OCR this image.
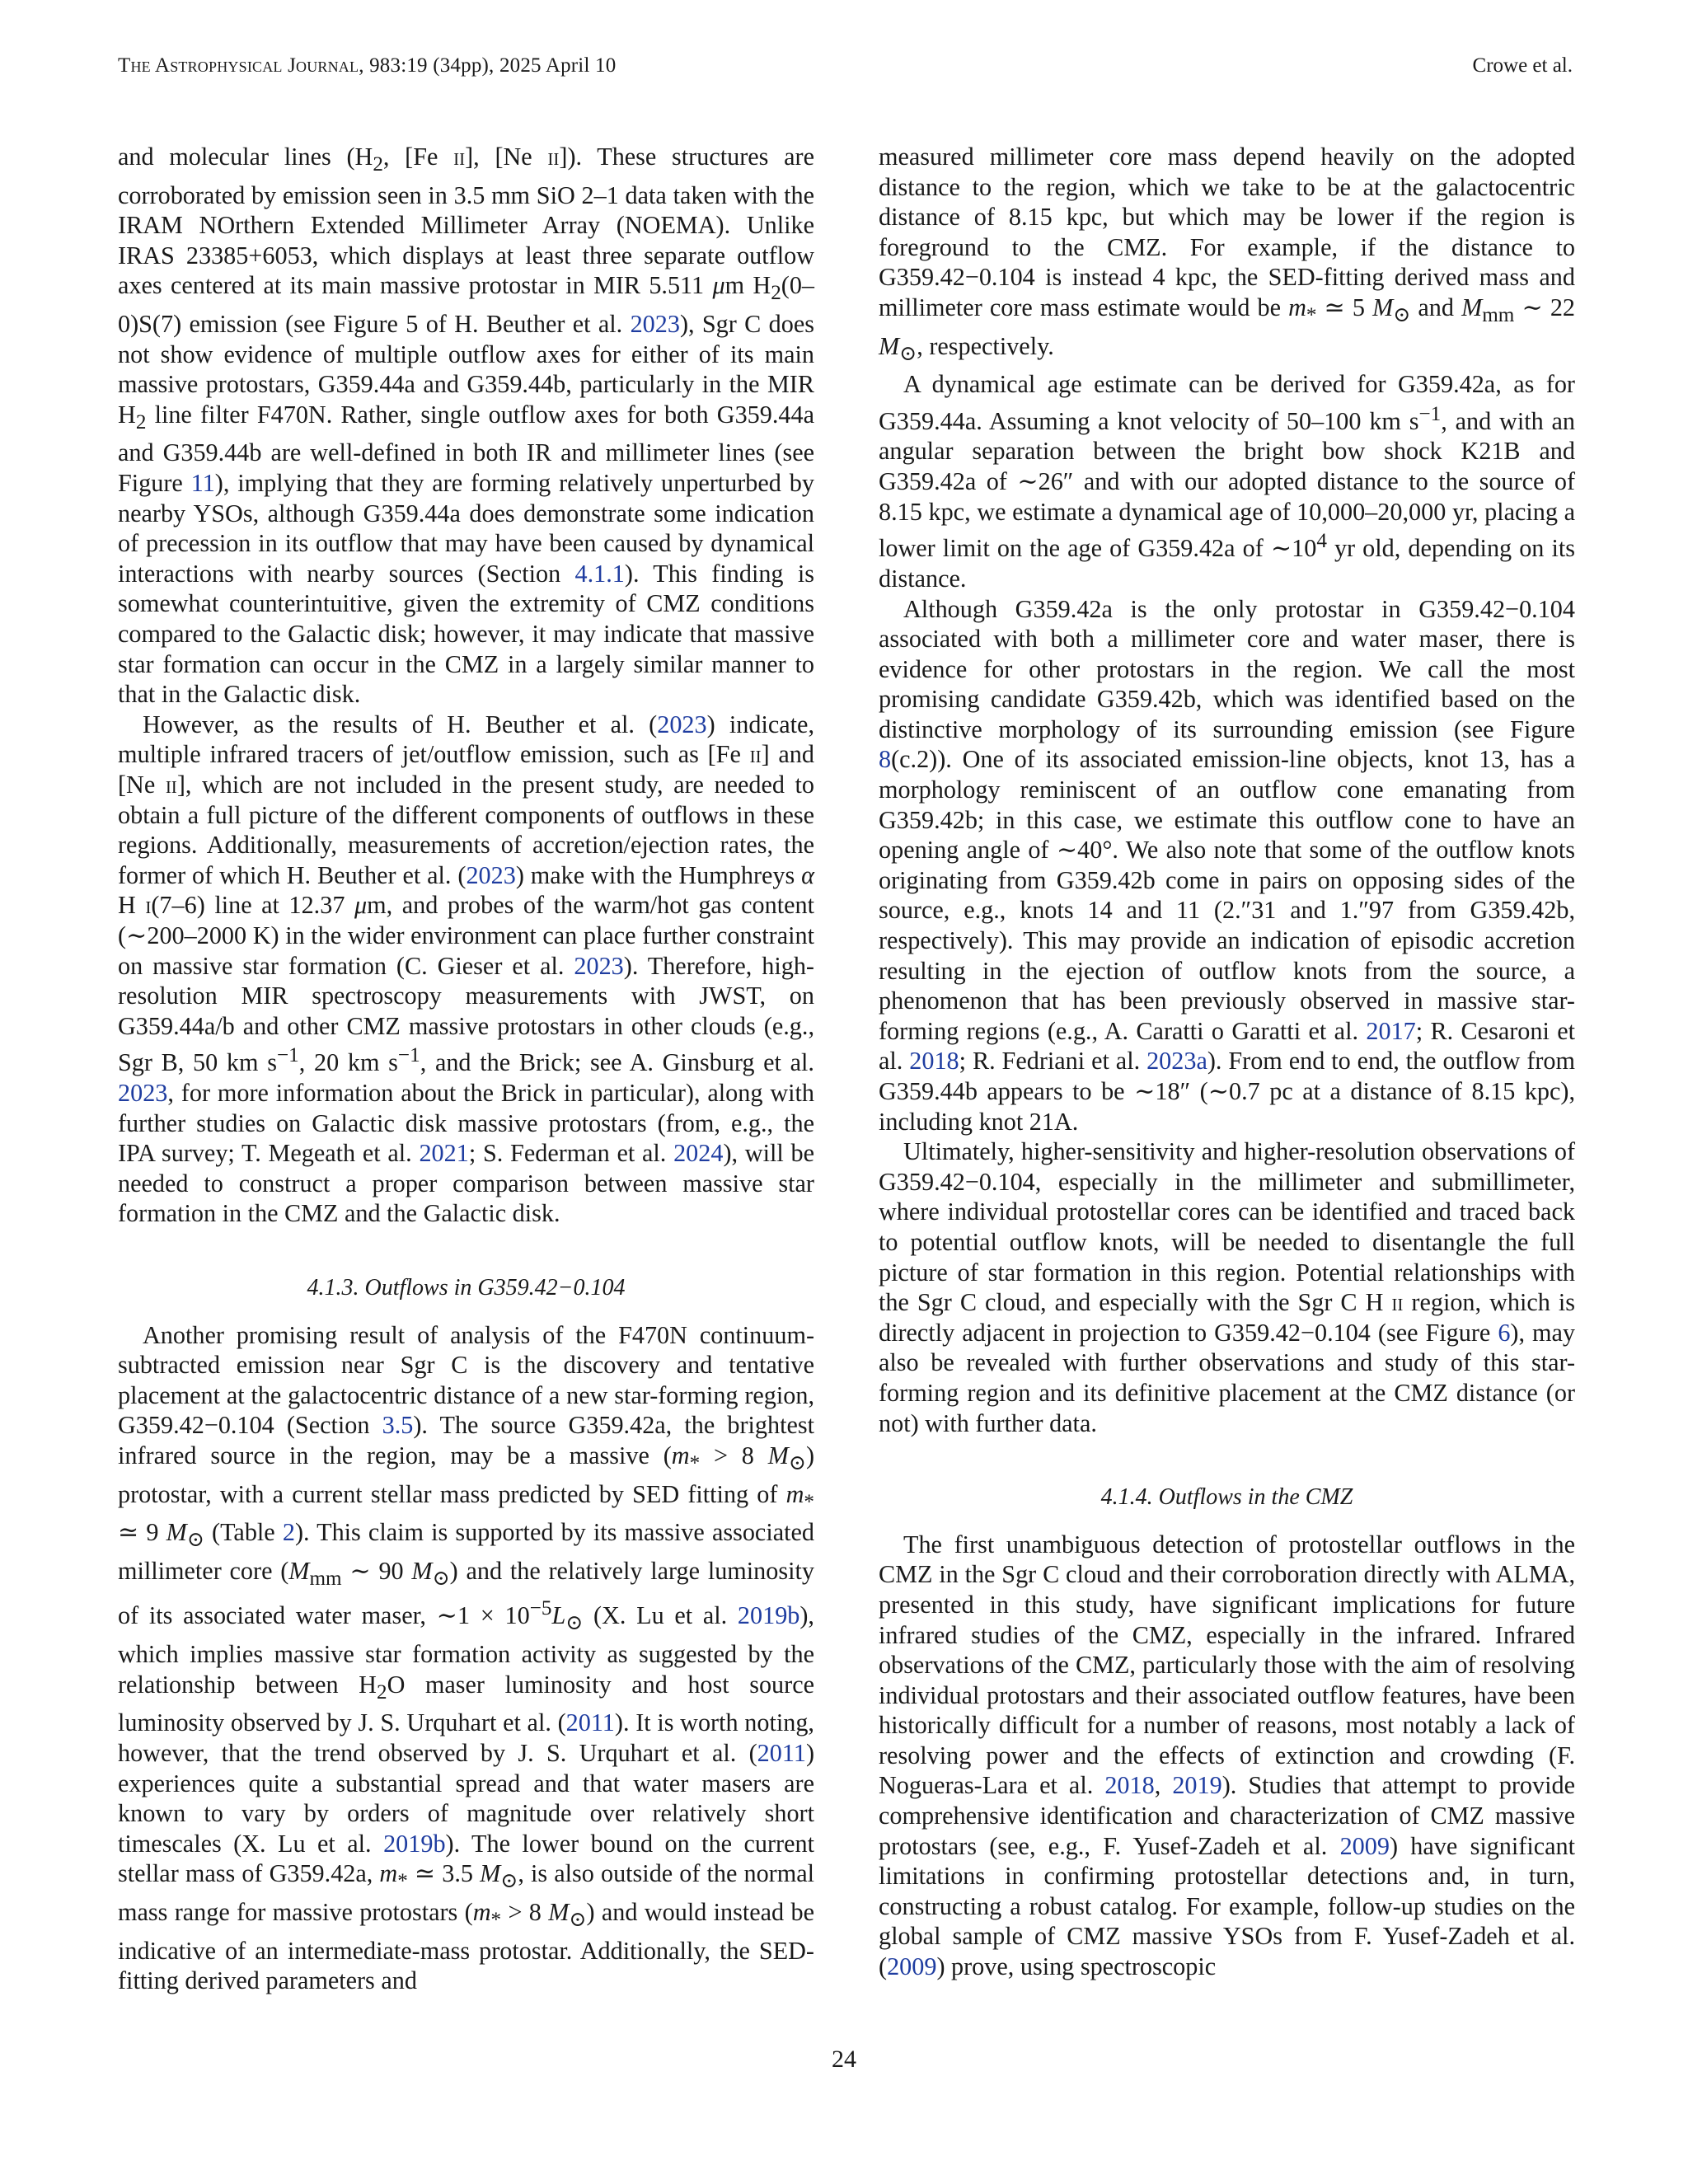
The Astrophysical Journal, 983:19 (34pp), 2025 April 10	Crowe et al.

and molecular lines ($H_2$, [Fe ii], [Ne ii]). These structures are corroborated by emission seen in 3.5 mm SiO 2–1 data taken with the IRAM NOrthern Extended Millimeter Array (NOEMA). Unlike IRAS 23385+6053, which displays at least three separate outflow axes centered at its main massive protostar in MIR 5.511 μm $H_2(0-0)S(7)$ emission (see Figure 5 of H. Beuther et al. 2023), Sgr C does not show evidence of multiple outflow axes for either of its main massive protostars, G359.44a and G359.44b, particularly in the MIR $H_2$ line filter F470N. Rather, single outflow axes for both G359.44a and G359.44b are well-defined in both IR and millimeter lines (see Figure 11), implying that they are forming relatively unperturbed by nearby YSOs, although G359.44a does demonstrate some indication of precession in its outflow that may have been caused by dynamical interactions with nearby sources (Section 4.1.1). This finding is somewhat counterintuitive, given the extremity of CMZ conditions compared to the Galactic disk; however, it may indicate that massive star formation can occur in the CMZ in a largely similar manner to that in the Galactic disk.

However, as the results of H. Beuther et al. (2023) indicate, multiple infrared tracers of jet/outflow emission, such as [Fe ii] and [Ne ii], which are not included in the present study, are needed to obtain a full picture of the different components of outflows in these regions. Additionally, measurements of accretion/ejection rates, the former of which H. Beuther et al. (2023) make with the Humphreys α H i(7–6) line at 12.37 μm, and probes of the warm/hot gas content (∼200–2000 K) in the wider environment can place further constraint on massive star formation (C. Gieser et al. 2023). Therefore, high-resolution MIR spectroscopy measurements with JWST, on G359.44a/b and other CMZ massive protostars in other clouds (e.g., Sgr B, 50 km $s^{-1}$, 20 km $s^{-1}$, and the Brick; see A. Ginsburg et al. 2023, for more information about the Brick in particular), along with further studies on Galactic disk massive protostars (from, e.g., the IPA survey; T. Megeath et al. 2021; S. Federman et al. 2024), will be needed to construct a proper comparison between massive star formation in the CMZ and the Galactic disk.

4.1.3. Outflows in G359.42−0.104

Another promising result of analysis of the F470N continuum-subtracted emission near Sgr C is the discovery and tentative placement at the galactocentric distance of a new star-forming region, G359.42−0.104 (Section 3.5). The source G359.42a, the brightest infrared source in the region, may be a massive ($m_* > 8$ $M_⊙$) protostar, with a current stellar mass predicted by SED fitting of $m_*$ ≃ 9 $M_⊙$ (Table 2). This claim is supported by its massive associated millimeter core ($M_{mm}$ ∼ 90 $M_⊙$) and the relatively large luminosity of its associated water maser, ∼1 × $10^{-5}L_⊙$ (X. Lu et al. 2019b), which implies massive star formation activity as suggested by the relationship between $H_2O$ maser luminosity and host source luminosity observed by J. S. Urquhart et al. (2011). It is worth noting, however, that the trend observed by J. S. Urquhart et al. (2011) experiences quite a substantial spread and that water masers are known to vary by orders of magnitude over relatively short timescales (X. Lu et al. 2019b). The lower bound on the current stellar mass of G359.42a, $m_*$ ≃ 3.5 $M_⊙$, is also outside of the normal mass range for massive protostars ($m_* > 8$ $M_⊙$) and would instead be indicative of an intermediate-mass protostar. Additionally, the SED-fitting derived parameters and

measured millimeter core mass depend heavily on the adopted distance to the region, which we take to be at the galactocentric distance of 8.15 kpc, but which may be lower if the region is foreground to the CMZ. For example, if the distance to G359.42−0.104 is instead 4 kpc, the SED-fitting derived mass and millimeter core mass estimate would be $m_*$ ≃ 5 $M_⊙$ and $M_{mm}$ ∼ 22 $M_⊙$, respectively.

A dynamical age estimate can be derived for G359.42a, as for G359.44a. Assuming a knot velocity of 50–100 km $s^{-1}$, and with an angular separation between the bright bow shock K21B and G359.42a of ∼26″ and with our adopted distance to the source of 8.15 kpc, we estimate a dynamical age of 10,000–20,000 yr, placing a lower limit on the age of G359.42a of $\sim 10^4$ yr old, depending on its distance.

Although G359.42a is the only protostar in G359.42−0.104 associated with both a millimeter core and water maser, there is evidence for other protostars in the region. We call the most promising candidate G359.42b, which was identified based on the distinctive morphology of its surrounding emission (see Figure 8(c.2)). One of its associated emission-line objects, knot 13, has a morphology reminiscent of an outflow cone emanating from G359.42b; in this case, we estimate this outflow cone to have an opening angle of ∼40°. We also note that some of the outflow knots originating from G359.42b come in pairs on opposing sides of the source, e.g., knots 14 and 11 (2.″31 and 1.″97 from G359.42b, respectively). This may provide an indication of episodic accretion resulting in the ejection of outflow knots from the source, a phenomenon that has been previously observed in massive star-forming regions (e.g., A. Caratti o Garatti et al. 2017; R. Cesaroni et al. 2018; R. Fedriani et al. 2023a). From end to end, the outflow from G359.44b appears to be ∼18″ (∼0.7 pc at a distance of 8.15 kpc), including knot 21A.

Ultimately, higher-sensitivity and higher-resolution observations of G359.42−0.104, especially in the millimeter and submillimeter, where individual protostellar cores can be identified and traced back to potential outflow knots, will be needed to disentangle the full picture of star formation in this region. Potential relationships with the Sgr C cloud, and especially with the Sgr C H ii region, which is directly adjacent in projection to G359.42−0.104 (see Figure 6), may also be revealed with further observations and study of this star-forming region and its definitive placement at the CMZ distance (or not) with further data.

4.1.4. Outflows in the CMZ

The first unambiguous detection of protostellar outflows in the CMZ in the Sgr C cloud and their corroboration directly with ALMA, presented in this study, have significant implications for future infrared studies of the CMZ, especially in the infrared. Infrared observations of the CMZ, particularly those with the aim of resolving individual protostars and their associated outflow features, have been historically difficult for a number of reasons, most notably a lack of resolving power and the effects of extinction and crowding (F. Nogueras-Lara et al. 2018, 2019). Studies that attempt to provide comprehensive identification and characterization of CMZ massive protostars (see, e.g., F. Yusef-Zadeh et al. 2009) have significant limitations in confirming protostellar detections and, in turn, constructing a robust catalog. For example, follow-up studies on the global sample of CMZ massive YSOs from F. Yusef-Zadeh et al. (2009) prove, using spectroscopic

24
